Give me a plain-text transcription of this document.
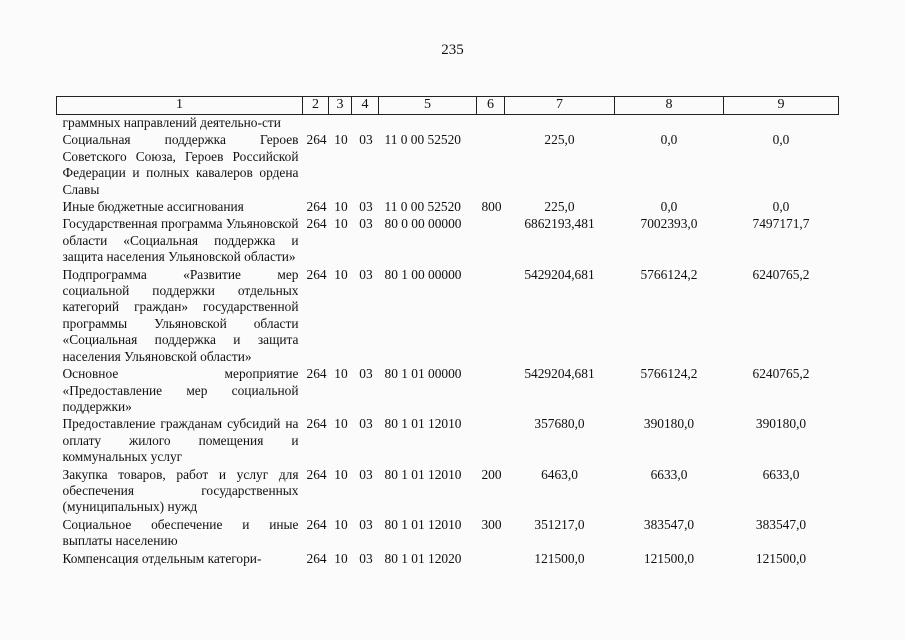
235
1	2	3	4	5	6	7	8	9
граммных направлений деятельно-сти								
Социальная поддержка Героев Советского Союза, Героев Российской Федерации и полных кавалеров ордена Славы	264	10	03	11 0 00 52520		225,0	0,0	0,0
Иные бюджетные ассигнования	264	10	03	11 0 00 52520	800	225,0	0,0	0,0
Государственная программа Ульяновской области «Социальная поддержка и защита населения Ульяновской области»	264	10	03	80 0 00 00000		6862193,481	7002393,0	7497171,7
Подпрограмма «Развитие мер социальной поддержки отдельных категорий граждан» государственной программы Ульяновской области «Социальная поддержка и защита населения Ульяновской области»	264	10	03	80 1 00 00000		5429204,681	5766124,2	6240765,2
Основное мероприятие «Предоставление мер социальной поддержки»	264	10	03	80 1 01 00000		5429204,681	5766124,2	6240765,2
Предоставление гражданам субсидий на оплату жилого помещения и коммунальных услуг	264	10	03	80 1 01 12010		357680,0	390180,0	390180,0
Закупка товаров, работ и услуг для обеспечения государственных (муниципальных) нужд	264	10	03	80 1 01 12010	200	6463,0	6633,0	6633,0
Социальное обеспечение и иные выплаты населению	264	10	03	80 1 01 12010	300	351217,0	383547,0	383547,0
Компенсация отдельным категори-	264	10	03	80 1 01 12020		121500,0	121500,0	121500,0
